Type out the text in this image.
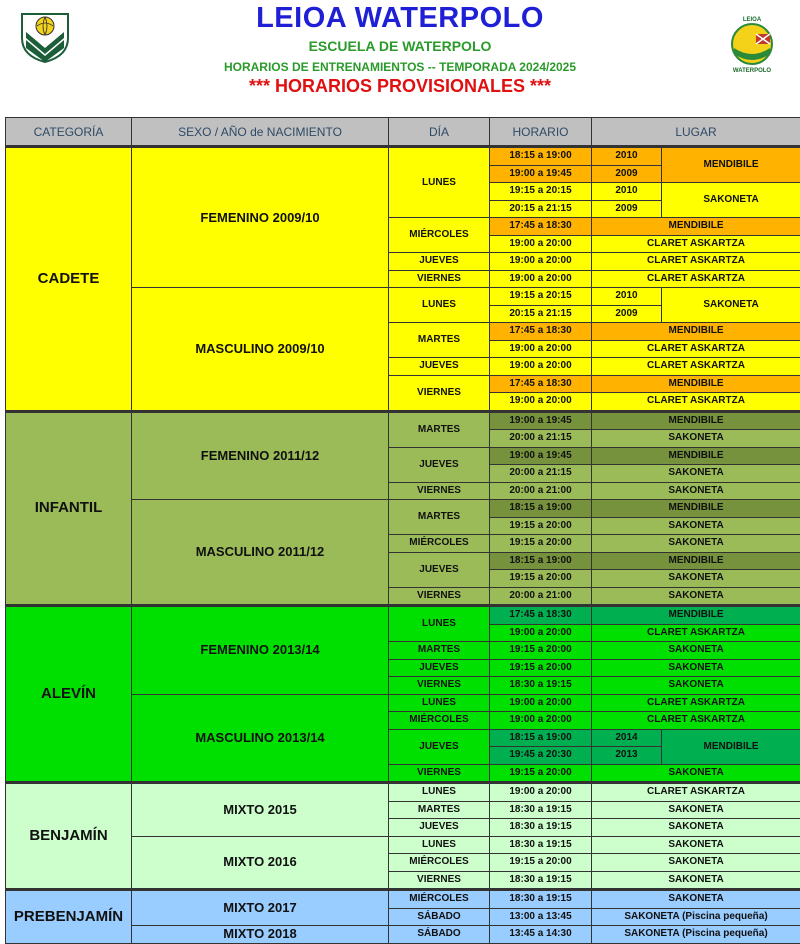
LEIOA WATERPOLO
ESCUELA DE WATERPOLO
HORARIOS DE ENTRENAMIENTOS -- TEMPORADA 2024/2025
*** HORARIOS PROVISIONALES ***
LEIOA
WATERPOLO
CATEGORÍA	SEXO / AÑO de NACIMIENTO	DÍA	HORARIO	LUGAR	
CADETE	FEMENINO 2009/10	LUNES	18:15 a 19:00	2010	MENDIBILE
			19:00 a 19:45	2009	
			19:15 a 20:15	2010	SAKONETA
			20:15 a 21:15	2009	
		MIÉRCOLES	17:45 a 18:30	MENDIBILE	
			19:00 a 20:00	CLARET ASKARTZA	
		JUEVES	19:00 a 20:00	CLARET ASKARTZA	
		VIERNES	19:00 a 20:00	CLARET ASKARTZA	
	MASCULINO 2009/10	LUNES	19:15 a 20:15	2010	SAKONETA
			20:15 a 21:15	2009	
		MARTES	17:45 a 18:30	MENDIBILE	
			19:00 a 20:00	CLARET ASKARTZA	
		JUEVES	19:00 a 20:00	CLARET ASKARTZA	
		VIERNES	17:45 a 18:30	MENDIBILE	
			19:00 a 20:00	CLARET ASKARTZA	
INFANTIL	FEMENINO 2011/12	MARTES	19:00 a 19:45	MENDIBILE	
			20:00 a 21:15	SAKONETA	
		JUEVES	19:00 a 19:45	MENDIBILE	
			20:00 a 21:15	SAKONETA	
		VIERNES	20:00 a 21:00	SAKONETA	
	MASCULINO 2011/12	MARTES	18:15 a 19:00	MENDIBILE	
			19:15 a 20:00	SAKONETA	
		MIÉRCOLES	19:15 a 20:00	SAKONETA	
		JUEVES	18:15 a 19:00	MENDIBILE	
			19:15 a 20:00	SAKONETA	
		VIERNES	20:00 a 21:00	SAKONETA	
ALEVÍN	FEMENINO 2013/14	LUNES	17:45 a 18:30	MENDIBILE	
			19:00 a 20:00	CLARET ASKARTZA	
		MARTES	19:15 a 20:00	SAKONETA	
		JUEVES	19:15 a 20:00	SAKONETA	
		VIERNES	18:30 a 19:15	SAKONETA	
	MASCULINO 2013/14	LUNES	19:00 a 20:00	CLARET ASKARTZA	
		MIÉRCOLES	19:00 a 20:00	CLARET ASKARTZA	
		JUEVES	18:15 a 19:00	2014	MENDIBILE
			19:45 a 20:30	2013	
		VIERNES	19:15 a 20:00	SAKONETA	
BENJAMÍN	MIXTO 2015	LUNES	19:00 a 20:00	CLARET ASKARTZA	
		MARTES	18:30 a 19:15	SAKONETA	
		JUEVES	18:30 a 19:15	SAKONETA	
	MIXTO 2016	LUNES	18:30 a 19:15	SAKONETA	
		MIÉRCOLES	19:15 a 20:00	SAKONETA	
		VIERNES	18:30 a 19:15	SAKONETA	
PREBENJAMÍN	MIXTO 2017	MIÉRCOLES	18:30 a 19:15	SAKONETA	
		SÁBADO	13:00 a 13:45	SAKONETA (Piscina pequeña)	
	MIXTO 2018	SÁBADO	13:45 a 14:30	SAKONETA (Piscina pequeña)	
